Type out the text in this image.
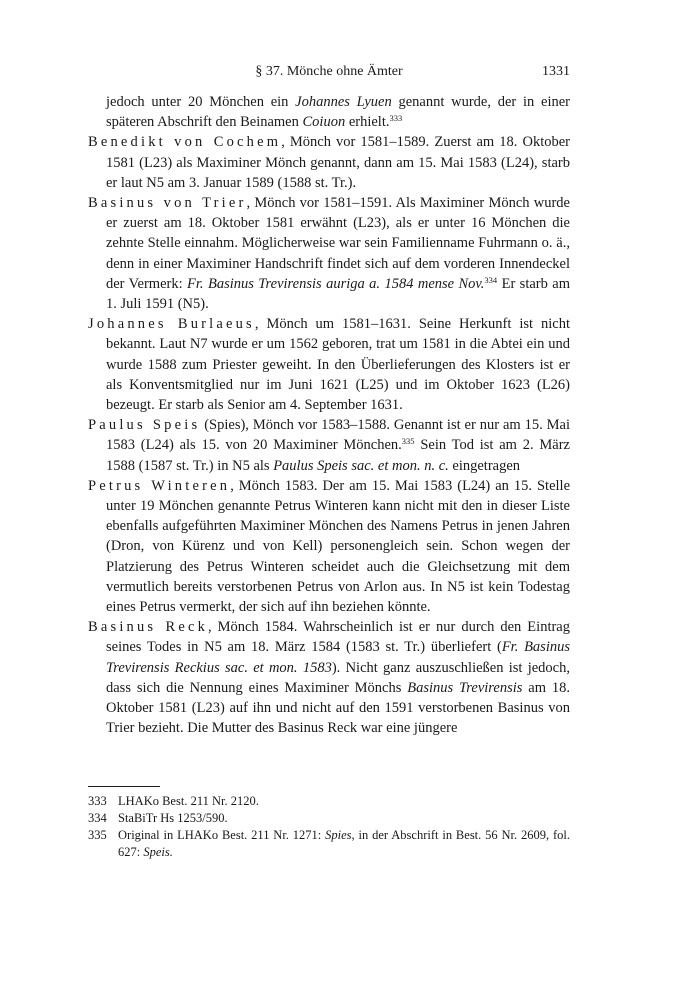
§ 37. Mönche ohne Ämter	1331

jedoch unter 20 Mönchen ein Johannes Lyuen genannt wurde, der in einer späteren Abschrift den Beinamen Coiuon erhielt.$^{333}$

Benedikt von Cochem, Mönch vor 1581–1589. Zuerst am 18. Oktober 1581 (L23) als Maximiner Mönch genannt, dann am 15. Mai 1583 (L24), starb er laut N5 am 3. Januar 1589 (1588 st. Tr.).

Basinus von Trier, Mönch vor 1581–1591. Als Maximiner Mönch wurde er zuerst am 18. Oktober 1581 erwähnt (L23), als er unter 16 Mönchen die zehnte Stelle einnahm. Möglicherweise war sein Familienname Fuhrmann o. ä., denn in einer Maximiner Handschrift findet sich auf dem vorderen Innendeckel der Vermerk: Fr. Basinus Trevirensis auriga a. 1584 mense Nov.$^{334}$ Er starb am 1. Juli 1591 (N5).

Johannes Burlaeus, Mönch um 1581–1631. Seine Herkunft ist nicht bekannt. Laut N7 wurde er um 1562 geboren, trat um 1581 in die Abtei ein und wurde 1588 zum Priester geweiht. In den Überlieferungen des Klosters ist er als Konventsmitglied nur im Juni 1621 (L25) und im Oktober 1623 (L26) bezeugt. Er starb als Senior am 4. September 1631.

Paulus Speis (Spies), Mönch vor 1583–1588. Genannt ist er nur am 15. Mai 1583 (L24) als 15. von 20 Maximiner Mönchen.$^{335}$ Sein Tod ist am 2. März 1588 (1587 st. Tr.) in N5 als Paulus Speis sac. et mon. n. c. eingetragen

Petrus Winteren, Mönch 1583. Der am 15. Mai 1583 (L24) an 15. Stelle unter 19 Mönchen genannte Petrus Winteren kann nicht mit den in dieser Liste ebenfalls aufgeführten Maximiner Mönchen des Namens Petrus in jenen Jahren (Dron, von Kürenz und von Kell) personengleich sein. Schon wegen der Platzierung des Petrus Winteren scheidet auch die Gleichsetzung mit dem vermutlich bereits verstorbenen Petrus von Arlon aus. In N5 ist kein Todestag eines Petrus vermerkt, der sich auf ihn beziehen könnte.

Basinus Reck, Mönch 1584. Wahrscheinlich ist er nur durch den Eintrag seines Todes in N5 am 18. März 1584 (1583 st. Tr.) überliefert (Fr. Basinus Trevirensis Reckius sac. et mon. 1583). Nicht ganz auszuschließen ist jedoch, dass sich die Nennung eines Maximiner Mönchs Basinus Trevirensis am 18. Oktober 1581 (L23) auf ihn und nicht auf den 1591 verstorbenen Basinus von Trier bezieht. Die Mutter des Basinus Reck war eine jüngere

333 LHAKo Best. 211 Nr. 2120.

334 StaBiTr Hs 1253/590.

335 Original in LHAKo Best. 211 Nr. 1271: Spies, in der Abschrift in Best. 56 Nr. 2609, fol. 627: Speis.
